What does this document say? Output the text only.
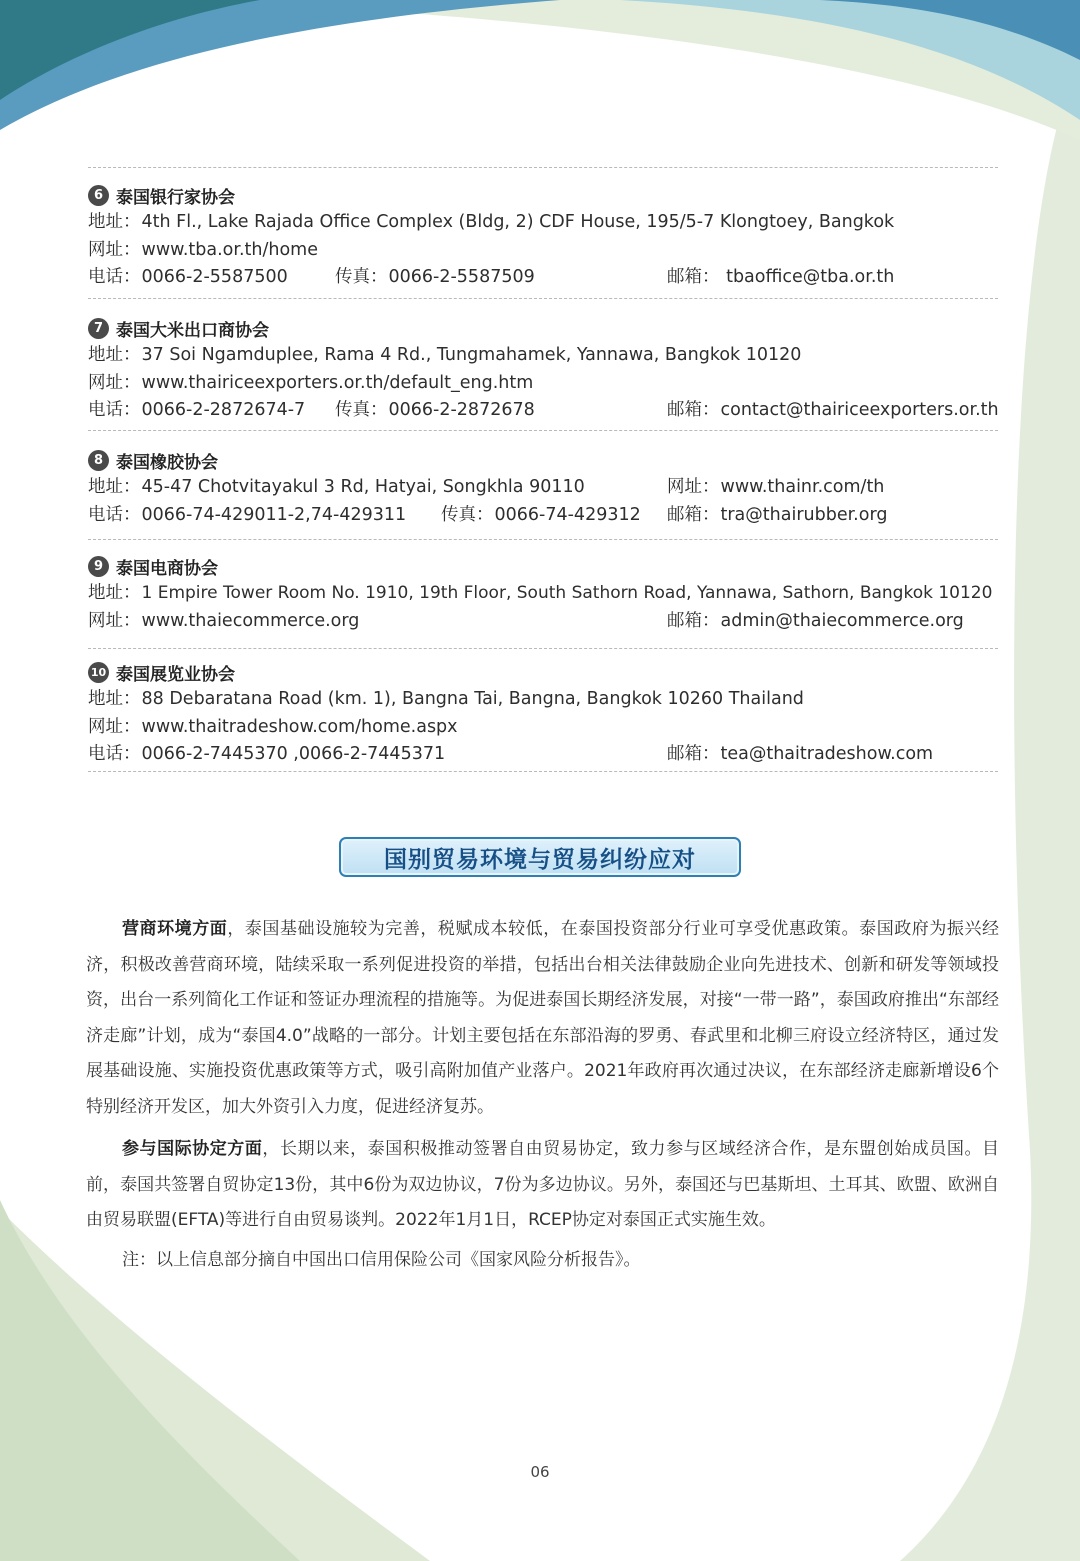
6 泰国银行家协会
地址：4th Fl., Lake Rajada Office Complex (Bldg, 2) CDF House, 195/5-7 Klongtoey, Bangkok
网址：www.tba.or.th/home
电话：0066-2-5587500	传真：0066-2-5587509	邮箱： tbaoffice@tba.or.th
7 泰国大米出口商协会
地址：37 Soi Ngamduplee, Rama 4 Rd., Tungmahamek, Yannawa, Bangkok 10120
网址：www.thairiceexporters.or.th/default_eng.htm
电话：0066-2-2872674-7 传真：0066-2-2872678	邮箱：contact@thairiceexporters.or.th
8 泰国橡胶协会
地址：45-47 Chotvitayakul 3 Rd, Hatyai, Songkhla 90110	网址：www.thainr.com/th
电话：0066-74-429011-2,74-429311 传真：0066-74-429312 邮箱：tra@thairubber.org
9 泰国电商协会
地址：1 Empire Tower Room No. 1910, 19th Floor, South Sathorn Road, Yannawa, Sathorn, Bangkok 10120
网址：www.thaiecommerce.org	邮箱：admin@thaiecommerce.org
10 泰国展览业协会
地址：88 Debaratana Road (km. 1), Bangna Tai, Bangna, Bangkok 10260 Thailand
网址：www.thaitradeshow.com/home.aspx
电话：0066-2-7445370 ,0066-2-7445371	邮箱：tea@thaitradeshow.com
国别贸易环境与贸易纠纷应对

营商环境方面，泰国基础设施较为完善，税赋成本较低，在泰国投资部分行业可享受优惠政策。泰国政府为振兴经济，积极改善营商环境，陆续采取一系列促进投资的举措，包括出台相关法律鼓励企业向先进技术、创新和研发等领域投资，出台一系列简化工作证和签证办理流程的措施等。为促进泰国长期经济发展，对接“一带一路”，泰国政府推出“东部经济走廊”计划，成为“泰国4.0”战略的一部分。计划主要包括在东部沿海的罗勇、春武里和北柳三府设立经济特区，通过发展基础设施、实施投资优惠政策等方式，吸引高附加值产业落户。2021年政府再次通过决议，在东部经济走廊新增设6个特别经济开发区，加大外资引入力度，促进经济复苏。

参与国际协定方面，长期以来，泰国积极推动签署自由贸易协定，致力参与区域经济合作，是东盟创始成员国。目前，泰国共签署自贸协定13份，其中6份为双边协议，7份为多边协议。另外，泰国还与巴基斯坦、土耳其、欧盟、欧洲自由贸易联盟(EFTA)等进行自由贸易谈判。2022年1月1日，RCEP协定对泰国正式实施生效。

注：以上信息部分摘自中国出口信用保险公司《国家风险分析报告》。

06
